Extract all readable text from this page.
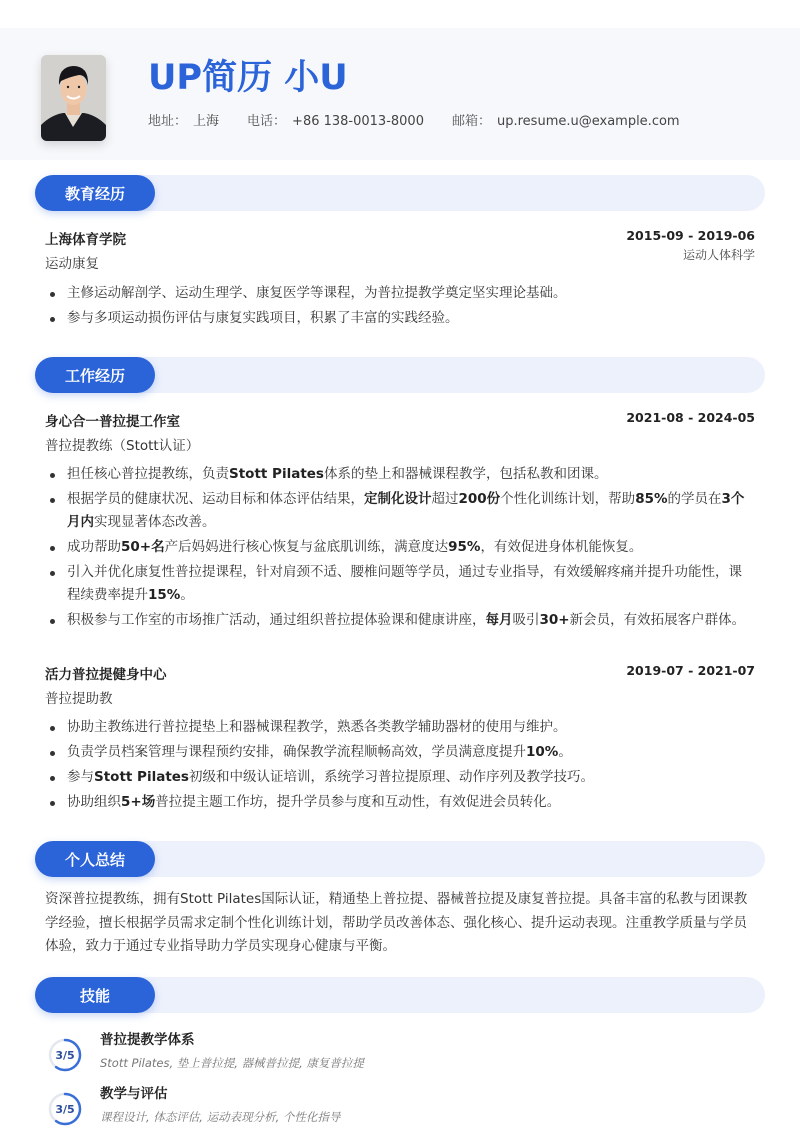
UP简历 小U
地址： 上海 电话： +86 138-0013-8000 邮箱： up.resume.u@example.com
教育经历
上海体育学院	2015-09 - 2019-06
运动康复
运动人体科学
主修运动解剖学、运动生理学、康复医学等课程，为普拉提教学奠定坚实理论基础。
参与多项运动损伤评估与康复实践项目，积累了丰富的实践经验。
工作经历
身心合一普拉提工作室	2021-08 - 2024-05
普拉提教练（Stott认证）
担任核心普拉提教练，负责Stott Pilates体系的垫上和器械课程教学，包括私教和团课。
根据学员的健康状况、运动目标和体态评估结果，定制化设计超过200份个性化训练计划，帮助85%的学员在3个月内实现显著体态改善。
成功帮助50+名产后妈妈进行核心恢复与盆底肌训练，满意度达95%，有效促进身体机能恢复。
引入并优化康复性普拉提课程，针对肩颈不适、腰椎问题等学员，通过专业指导，有效缓解疼痛并提升功能性，课程续费率提升15%。
积极参与工作室的市场推广活动，通过组织普拉提体验课和健康讲座，每月吸引30+新会员，有效拓展客户群体。
活力普拉提健身中心	2019-07 - 2021-07
普拉提助教
协助主教练进行普拉提垫上和器械课程教学，熟悉各类教学辅助器材的使用与维护。
负责学员档案管理与课程预约安排，确保教学流程顺畅高效，学员满意度提升10%。
参与Stott Pilates初级和中级认证培训，系统学习普拉提原理、动作序列及教学技巧。
协助组织5+场普拉提主题工作坊，提升学员参与度和互动性，有效促进会员转化。
个人总结
资深普拉提教练，拥有Stott Pilates国际认证，精通垫上普拉提、器械普拉提及康复普拉提。具备丰富的私教与团课教学经验，擅长根据学员需求定制个性化训练计划，帮助学员改善体态、强化核心、提升运动表现。注重教学质量与学员体验，致力于通过专业指导助力学员实现身心健康与平衡。
技能
3/5
普拉提教学体系
Stott Pilates, 垫上普拉提, 器械普拉提, 康复普拉提
3/5
教学与评估
课程设计, 体态评估, 运动表现分析, 个性化指导
